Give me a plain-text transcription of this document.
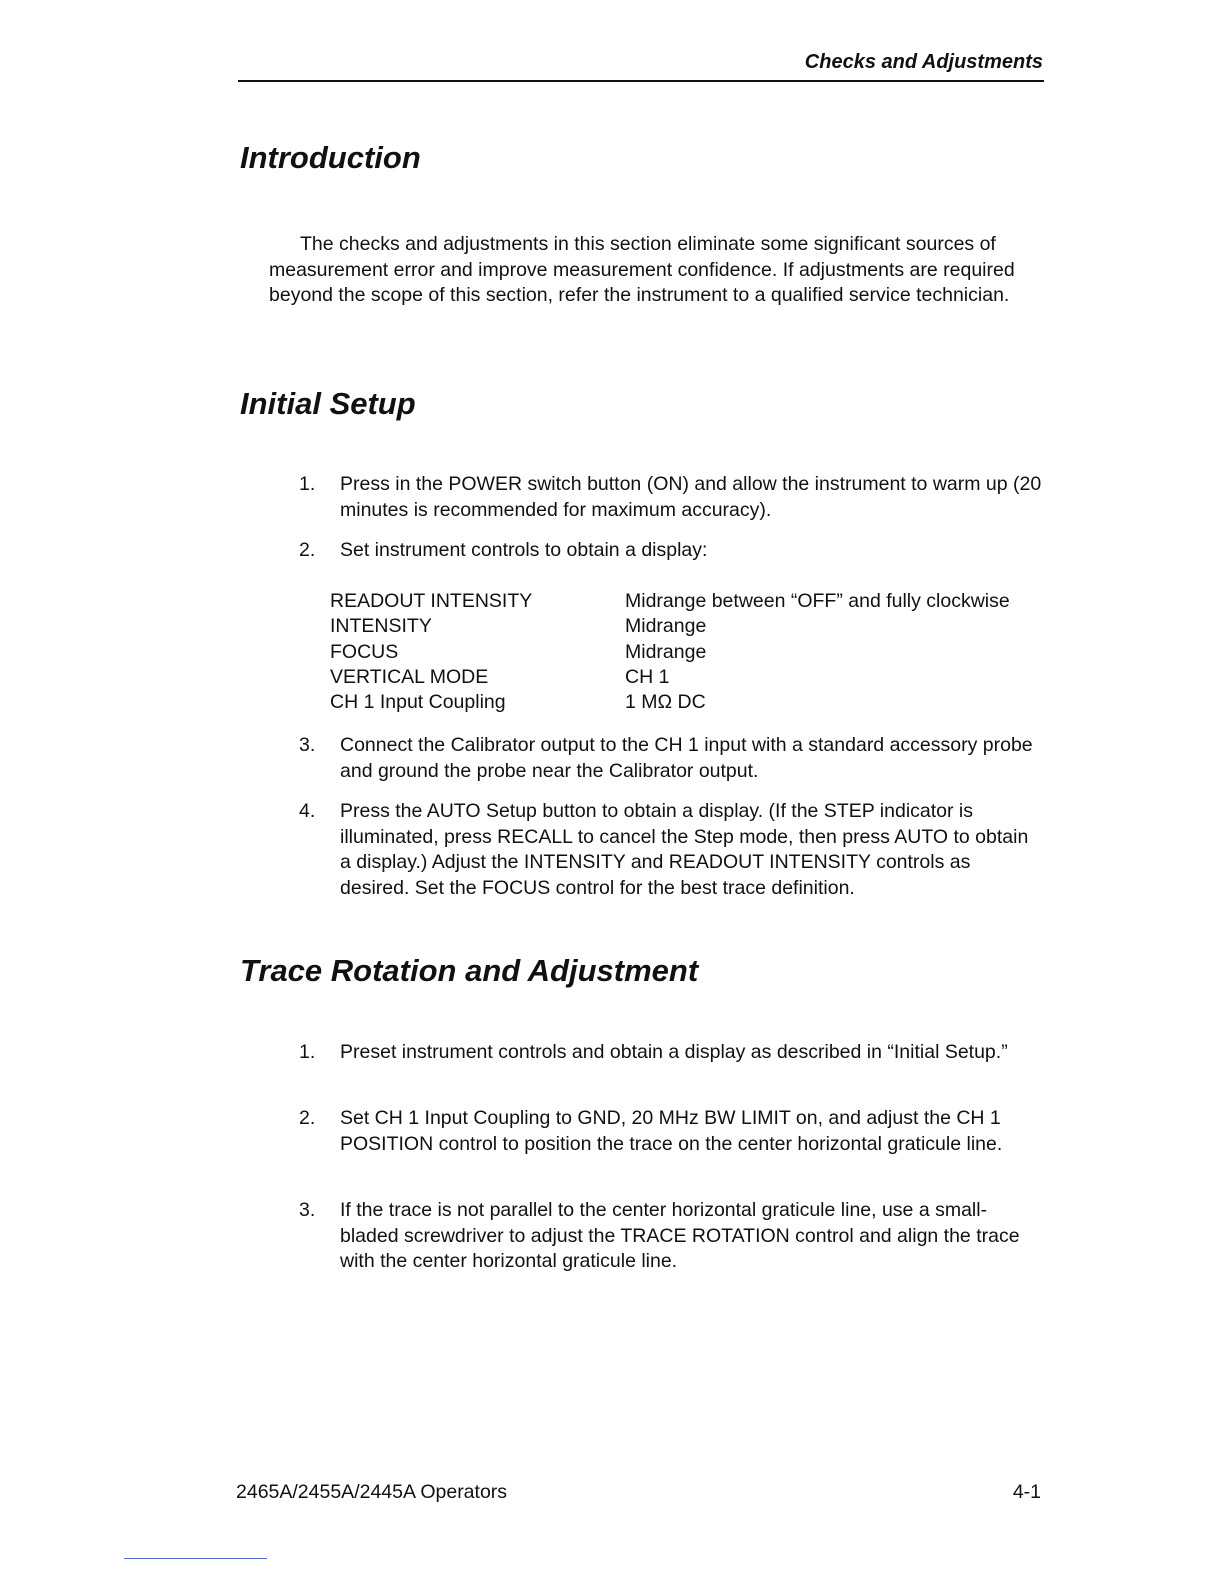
Checks and Adjustments
Introduction

The checks and adjustments in this section eliminate some significant sources of measurement error and improve measurement confidence. If adjustments are required beyond the scope of this section, refer the instrument to a qualified service technician.

Initial Setup
1.	Press in the POWER switch button (ON) and allow the instrument to warm up (20 minutes is recommended for maximum accuracy).
2.	Set instrument controls to obtain a display:
READOUT INTENSITY	Midrange between “OFF” and fully clockwise
INTENSITY	Midrange
FOCUS	Midrange
VERTICAL MODE	CH 1
CH 1 Input Coupling	1 MΩ DC
3.	Connect the Calibrator output to the CH 1 input with a standard accessory probe and ground the probe near the Calibrator output.
4.	Press the AUTO Setup button to obtain a display. (If the STEP indicator is illuminated, press RECALL to cancel the Step mode, then press AUTO to obtain a display.) Adjust the INTENSITY and READOUT INTENSITY controls as desired. Set the FOCUS control for the best trace definition.
Trace Rotation and Adjustment
1.	Preset instrument controls and obtain a display as described in “Initial Setup.”
2.	Set CH 1 Input Coupling to GND, 20 MHz BW LIMIT on, and adjust the CH 1 POSITION control to position the trace on the center horizontal graticule line.
3.	If the trace is not parallel to the center horizontal graticule line, use a small-bladed screwdriver to adjust the TRACE ROTATION control and align the trace with the center horizontal graticule line.
2465A/2455A/2445A Operators	4-1
